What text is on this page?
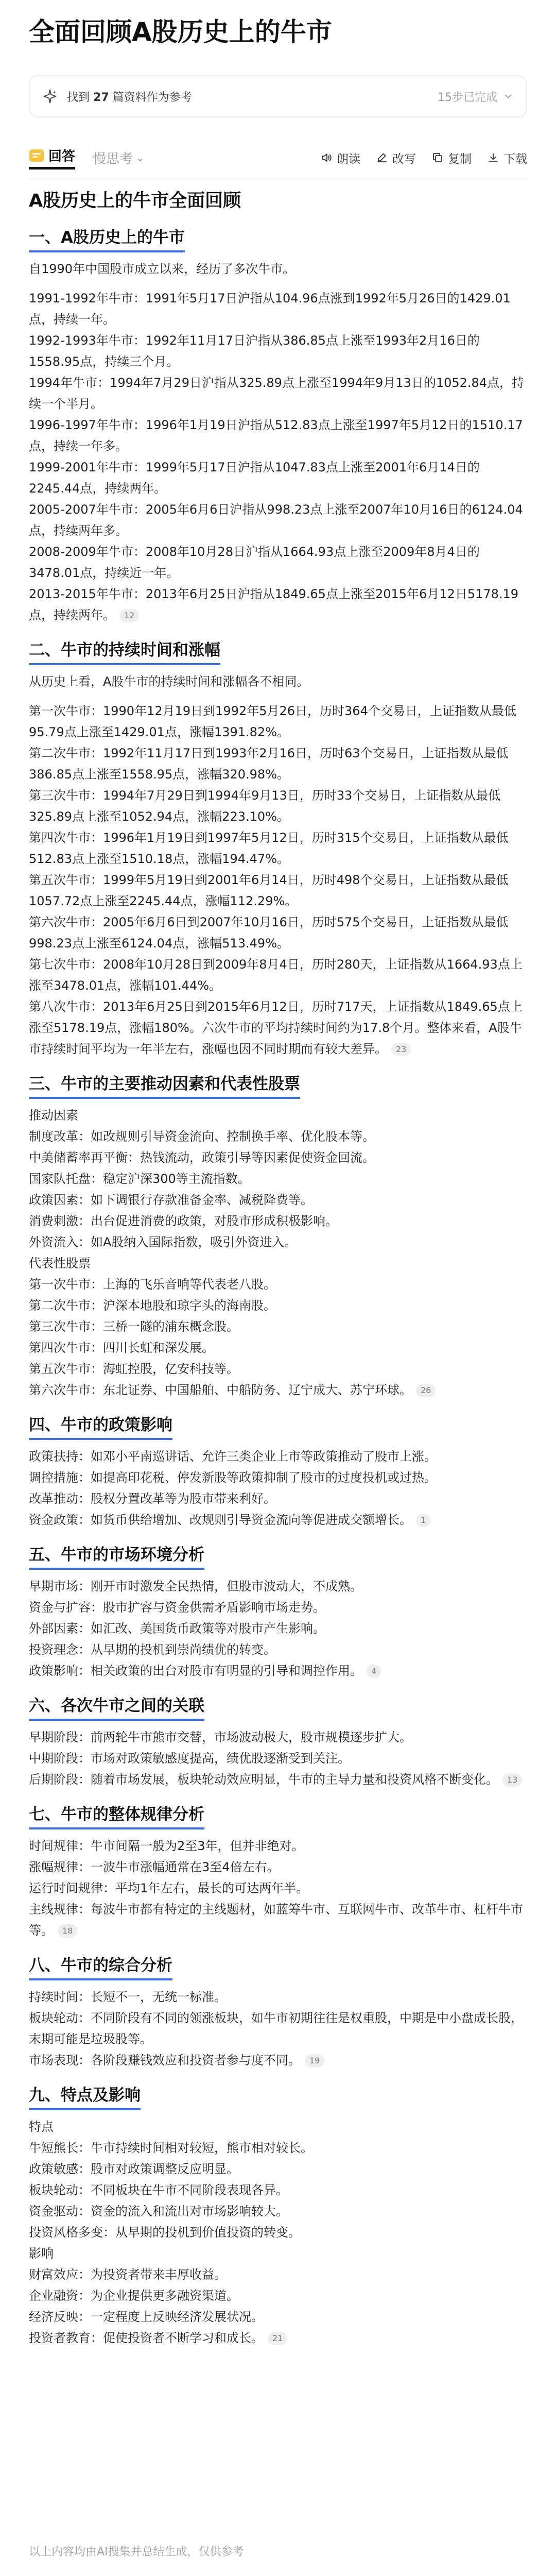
全面回顾A股历史上的牛市
找到 27 篇资料作为参考	15步已完成
回答 慢思考 ⌄	朗读	改写	复制	下载
A股历史上的牛市全面回顾
一、A股历史上的牛市

自1990年中国股市成立以来，经历了多次牛市。

1991-1992年牛市：1991年5月17日沪指从104.96点涨到1992年5月26日的1429.01点，持续一年。

1992-1993年牛市：1992年11月17日沪指从386.85点上涨至1993年2月16日的1558.95点，持续三个月。

1994年牛市：1994年7月29日沪指从325.89点上涨至1994年9月13日的1052.84点，持续一个半月。

1996-1997年牛市：1996年1月19日沪指从512.83点上涨至1997年5月12日的1510.17点，持续一年多。

1999-2001年牛市：1999年5月17日沪指从1047.83点上涨至2001年6月14日的2245.44点，持续两年。

2005-2007年牛市：2005年6月6日沪指从998.23点上涨至2007年10月16日的6124.04点，持续两年多。

2008-2009年牛市：2008年10月28日沪指从1664.93点上涨至2009年8月4日的3478.01点，持续近一年。

2013-2015年牛市：2013年6月25日沪指从1849.65点上涨至2015年6月12日5178.19点，持续两年。 12

二、牛市的持续时间和涨幅

从历史上看，A股牛市的持续时间和涨幅各不相同。

第一次牛市：1990年12月19日到1992年5月26日，历时364个交易日，上证指数从最低95.79点上涨至1429.01点，涨幅1391.82%。

第二次牛市：1992年11月17日到1993年2月16日，历时63个交易日，上证指数从最低386.85点上涨至1558.95点，涨幅320.98%。

第三次牛市：1994年7月29日到1994年9月13日，历时33个交易日，上证指数从最低325.89点上涨至1052.94点，涨幅223.10%。

第四次牛市：1996年1月19日到1997年5月12日，历时315个交易日，上证指数从最低512.83点上涨至1510.18点，涨幅194.47%。

第五次牛市：1999年5月19日到2001年6月14日，历时498个交易日，上证指数从最低1057.72点上涨至2245.44点，涨幅112.29%。

第六次牛市：2005年6月6日到2007年10月16日，历时575个交易日，上证指数从最低998.23点上涨至6124.04点，涨幅513.49%。

第七次牛市：2008年10月28日到2009年8月4日，历时280天，上证指数从1664.93点上涨至3478.01点，涨幅101.44%。

第八次牛市：2013年6月25日到2015年6月12日，历时717天，上证指数从1849.65点上涨至5178.19点，涨幅180%。六次牛市的平均持续时间约为17.8个月。整体来看，A股牛市持续时间平均为一年半左右，涨幅也因不同时期而有较大差异。 23

三、牛市的主要推动因素和代表性股票

推动因素

制度改革：如改规则引导资金流向、控制换手率、优化股本等。

中美储蓄率再平衡：热钱流动，政策引导等因素促使资金回流。

国家队托盘：稳定沪深300等主流指数。

政策因素：如下调银行存款准备金率、减税降费等。

消费刺激：出台促进消费的政策，对股市形成积极影响。

外资流入：如A股纳入国际指数，吸引外资进入。

代表性股票

第一次牛市：上海的飞乐音响等代表老八股。

第二次牛市：沪深本地股和琼字头的海南股。

第三次牛市：三桥一隧的浦东概念股。

第四次牛市：四川长虹和深发展。

第五次牛市：海虹控股，亿安科技等。

第六次牛市：东北证券、中国船舶、中船防务、辽宁成大、苏宁环球。 26

四、牛市的政策影响

政策扶持：如邓小平南巡讲话、允许三类企业上市等政策推动了股市上涨。

调控措施：如提高印花税、停发新股等政策抑制了股市的过度投机或过热。

改革推动：股权分置改革等为股市带来利好。

资金政策：如货币供给增加、改规则引导资金流向等促进成交额增长。 1

五、牛市的市场环境分析

早期市场：刚开市时激发全民热情，但股市波动大，不成熟。

资金与扩容：股市扩容与资金供需矛盾影响市场走势。

外部因素：如汇改、美国货币政策等对股市产生影响。

投资理念：从早期的投机到崇尚绩优的转变。

政策影响：相关政策的出台对股市有明显的引导和调控作用。 4

六、各次牛市之间的关联

早期阶段：前两轮牛市熊市交替，市场波动极大，股市规模逐步扩大。

中期阶段：市场对政策敏感度提高，绩优股逐渐受到关注。

后期阶段：随着市场发展，板块轮动效应明显，牛市的主导力量和投资风格不断变化。 13

七、牛市的整体规律分析

时间规律：牛市间隔一般为2至3年，但并非绝对。

涨幅规律：一波牛市涨幅通常在3至4倍左右。

运行时间规律：平均1年左右，最长的可达两年半。

主线规律：每波牛市都有特定的主线题材，如蓝筹牛市、互联网牛市、改革牛市、杠杆牛市等。 18

八、牛市的综合分析

持续时间：长短不一，无统一标准。

板块轮动：不同阶段有不同的领涨板块，如牛市初期往往是权重股，中期是中小盘成长股，末期可能是垃圾股等。

市场表现：各阶段赚钱效应和投资者参与度不同。 19

九、特点及影响

特点

牛短熊长：牛市持续时间相对较短，熊市相对较长。

政策敏感：股市对政策调整反应明显。

板块轮动：不同板块在牛市不同阶段表现各异。

资金驱动：资金的流入和流出对市场影响较大。

投资风格多变：从早期的投机到价值投资的转变。

影响

财富效应：为投资者带来丰厚收益。

企业融资：为企业提供更多融资渠道。

经济反映：一定程度上反映经济发展状况。

投资者教育：促使投资者不断学习和成长。 21

以上内容均由AI搜集并总结生成，仅供参考
